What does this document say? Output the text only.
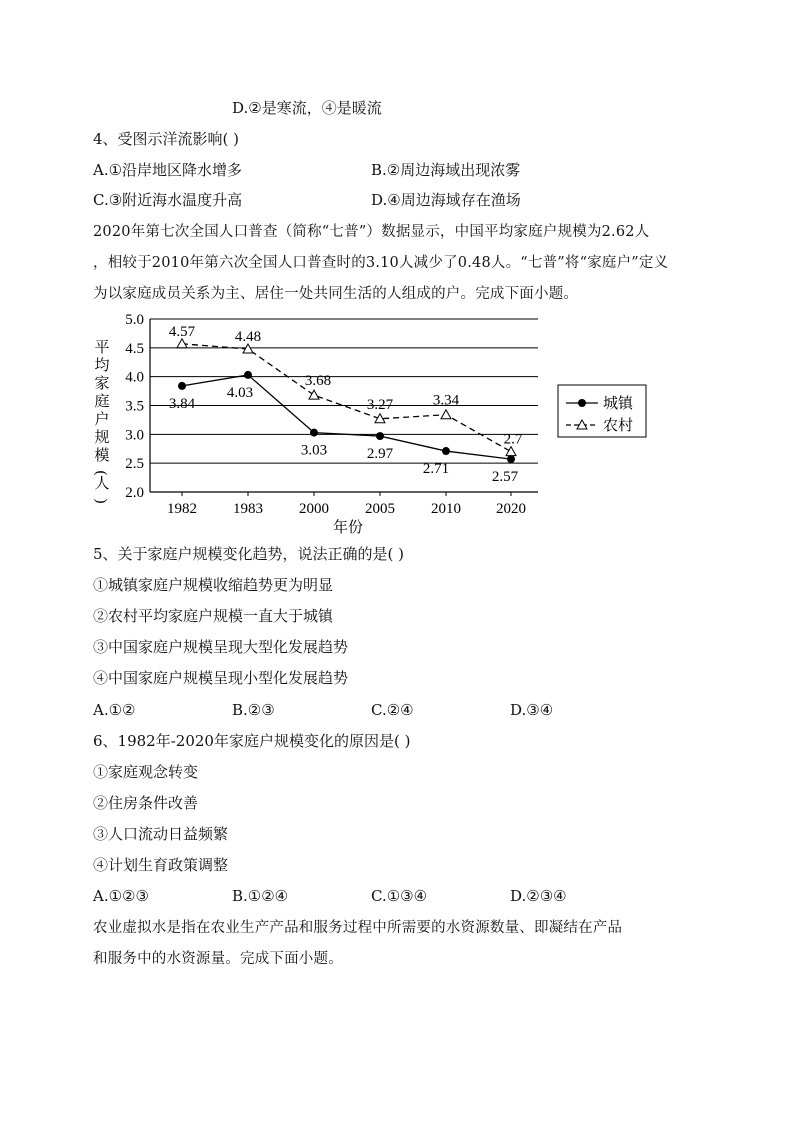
D.②是寒流，④是暖流
4、受图示洋流影响( )
A.①沿岸地区降水增多	B.②周边海域出现浓雾
C.③附近海水温度升高	D.④周边海域存在渔场
2020年第七次全国人口普查（简称“七普”）数据显示，中国平均家庭户规模为2.62人
，相较于2010年第六次全国人口普查时的3.10人减少了0.48人。“七普”将“家庭户”定义
为以家庭成员关系为主、居住一处共同生活的人组成的户。完成下面小题。
平
均
家
庭
户
规
模
(
人
) 2.0
2.5
3.0
3.5
4.0
4.5
5.0
1982 1983 2000 2005 2010 2020
3.84
4.03
3.03	2.97
2.71
2.57
4.57	4.48
3.68
3.27	3.34
2.7
城镇
农村
年份
5、关于家庭户规模变化趋势，说法正确的是( )
①城镇家庭户规模收缩趋势更为明显
②农村平均家庭户规模一直大于城镇
③中国家庭户规模呈现大型化发展趋势
④中国家庭户规模呈现小型化发展趋势
A.①②	B.②③	C.②④	D.③④
6、1982年-2020年家庭户规模变化的原因是( )
①家庭观念转变
②住房条件改善
③人口流动日益频繁
④计划生育政策调整
A.①②③	B.①②④	C.①③④	D.②③④
农业虚拟水是指在农业生产产品和服务过程中所需要的水资源数量、即凝结在产品
和服务中的水资源量。完成下面小题。
